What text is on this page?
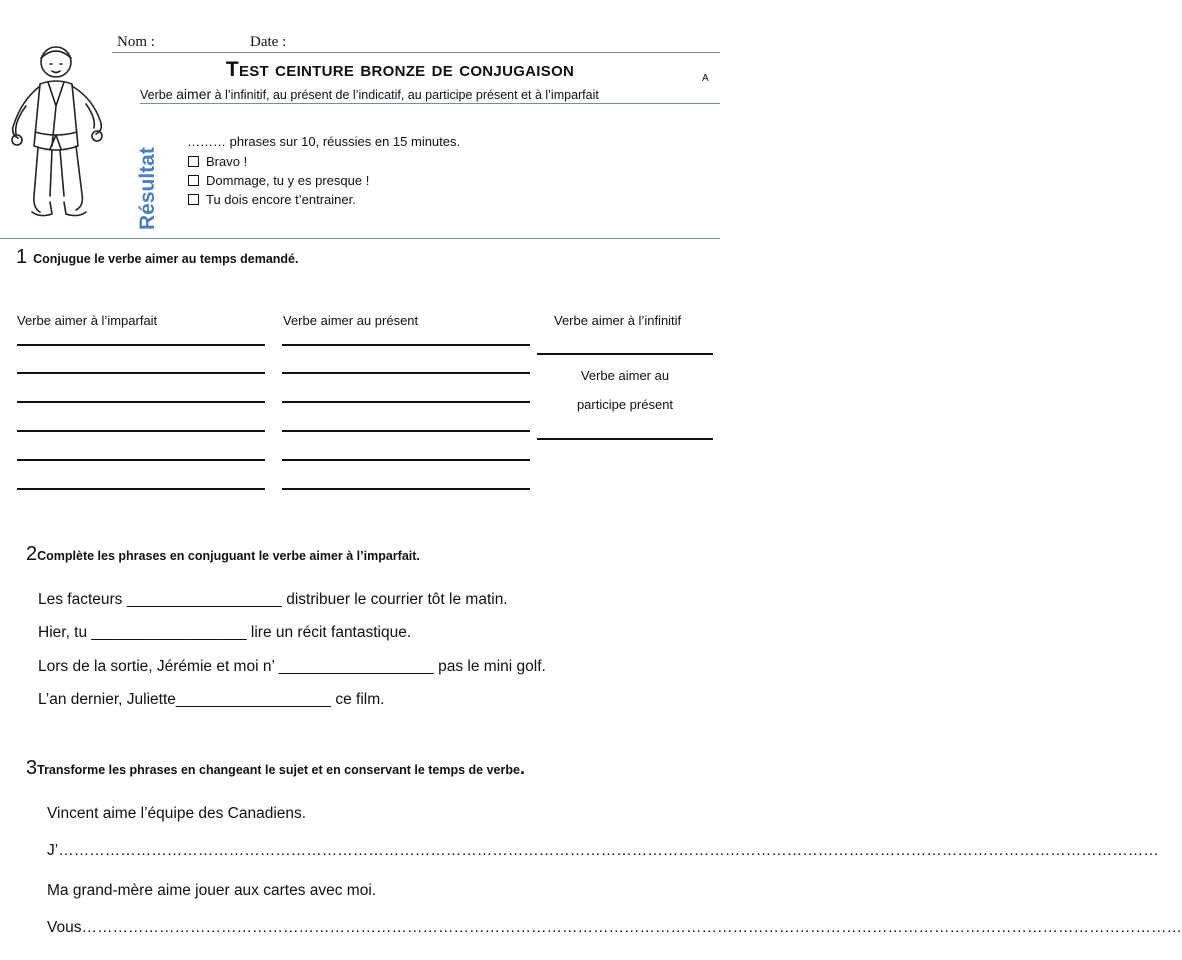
Nom :	Date :
Test ceinture bronze de conjugaison	A
Verbe aimer à l’infinitif, au présent de l’indicatif, au participe présent et à l’imparfait
Résultat
……… phrases sur 10, réussies en 15 minutes.
Bravo !
Dommage, tu y es presque !
Tu dois encore t’entrainer.
1 Conjugue le verbe aimer au temps demandé.
Verbe aimer à l’imparfait	Verbe aimer au présent	Verbe aimer à l’infinitif
Verbe aimer au
participe présent
2Complète les phrases en conjuguant le verbe aimer à l’imparfait.
Les facteurs __________________ distribuer le courrier tôt le matin.
Hier, tu __________________ lire un récit fantastique.
Lors de la sortie, Jérémie et moi n’ __________________ pas le mini golf.
L’an dernier, Juliette__________________ ce film.
3Transforme les phrases en changeant le sujet et en conservant le temps de verbe.
Vincent aime l’équipe des Canadiens.
J’……………………………………………………………………………………………………………………………………………………………………………………………
Ma grand-mère aime jouer aux cartes avec moi.
Vous……………………………………………………………………………………………………………………………………………………………………………………………
